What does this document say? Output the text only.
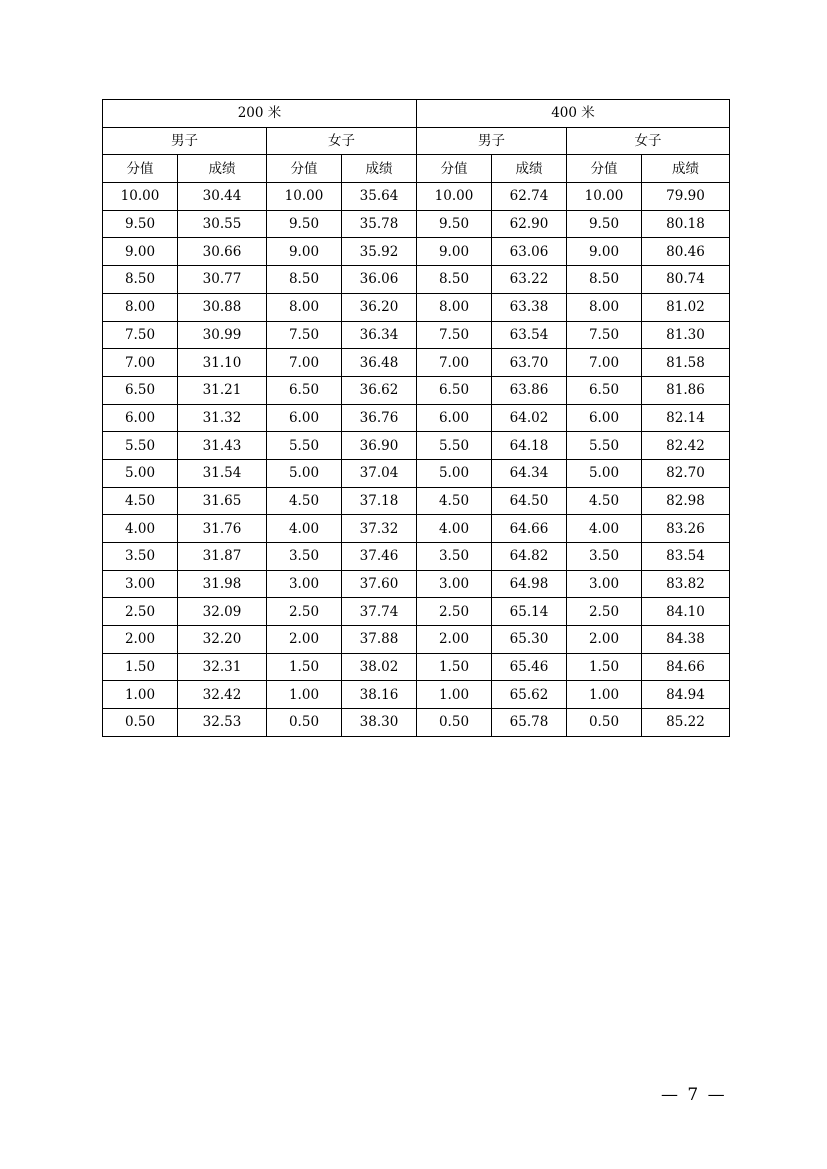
200 米				400 米			
男子		女子		男子		女子	
分值	成绩	分值	成绩	分值	成绩	分值	成绩
10.00	30.44	10.00	35.64	10.00	62.74	10.00	79.90
9.50	30.55	9.50	35.78	9.50	62.90	9.50	80.18
9.00	30.66	9.00	35.92	9.00	63.06	9.00	80.46
8.50	30.77	8.50	36.06	8.50	63.22	8.50	80.74
8.00	30.88	8.00	36.20	8.00	63.38	8.00	81.02
7.50	30.99	7.50	36.34	7.50	63.54	7.50	81.30
7.00	31.10	7.00	36.48	7.00	63.70	7.00	81.58
6.50	31.21	6.50	36.62	6.50	63.86	6.50	81.86
6.00	31.32	6.00	36.76	6.00	64.02	6.00	82.14
5.50	31.43	5.50	36.90	5.50	64.18	5.50	82.42
5.00	31.54	5.00	37.04	5.00	64.34	5.00	82.70
4.50	31.65	4.50	37.18	4.50	64.50	4.50	82.98
4.00	31.76	4.00	37.32	4.00	64.66	4.00	83.26
3.50	31.87	3.50	37.46	3.50	64.82	3.50	83.54
3.00	31.98	3.00	37.60	3.00	64.98	3.00	83.82
2.50	32.09	2.50	37.74	2.50	65.14	2.50	84.10
2.00	32.20	2.00	37.88	2.00	65.30	2.00	84.38
1.50	32.31	1.50	38.02	1.50	65.46	1.50	84.66
1.00	32.42	1.00	38.16	1.00	65.62	1.00	84.94
0.50	32.53	0.50	38.30	0.50	65.78	0.50	85.22
— 7 —
